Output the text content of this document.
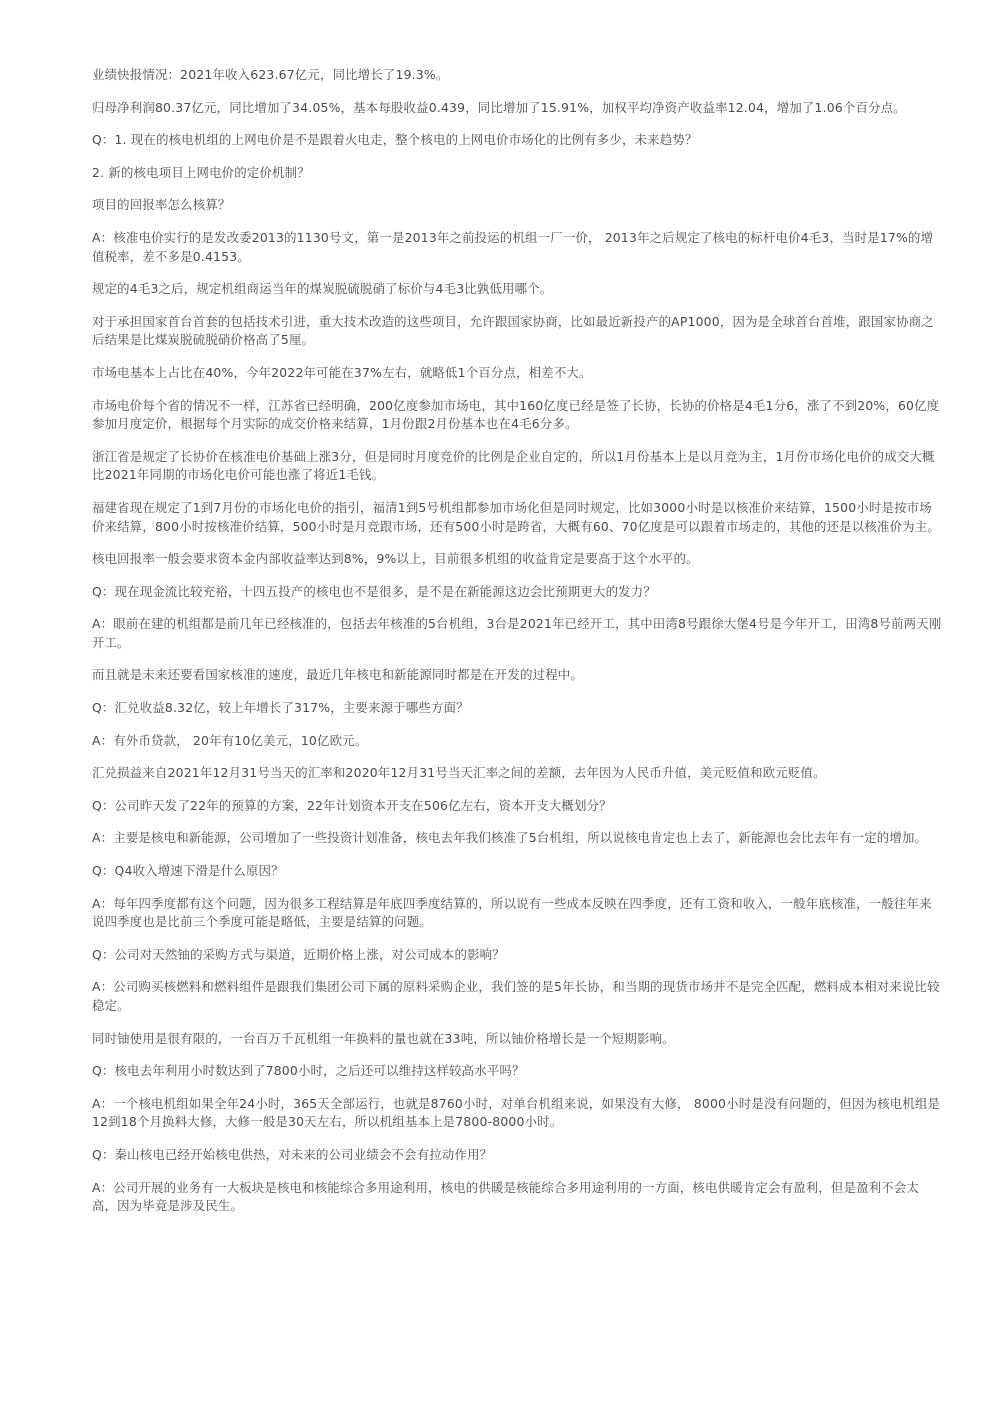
业绩快报情况：2021年收入623.67亿元，同比增长了19.3%。

归母净利润80.37亿元，同比增加了34.05%，基本每股收益0.439，同比增加了15.91%，加权平均净资产收益率12.04，增加了1.06个百分点。

Q：1. 现在的核电机组的上网电价是不是跟着火电走，整个核电的上网电价市场化的比例有多少，未来趋势？

2. 新的核电项目上网电价的定价机制？

项目的回报率怎么核算？

A：核准电价实行的是发改委2013的1130号文，第一是2013年之前投运的机组一厂一价， 2013年之后规定了核电的标杆电价4毛3，当时是17%的增值税率，差不多是0.4153。

规定的4毛3之后，规定机组商运当年的煤炭脱硫脱硝了标价与4毛3比孰低用哪个。

对于承担国家首台首套的包括技术引进，重大技术改造的这些项目，允许跟国家协商，比如最近新投产的AP1000，因为是全球首台首堆，跟国家协商之后结果是比煤炭脱硫脱硝价格高了5厘。

市场电基本上占比在40%，今年2022年可能在37%左右，就略低1个百分点，相差不大。

市场电价每个省的情况不一样，江苏省已经明确，200亿度参加市场电，其中160亿度已经是签了长协，长协的价格是4毛1分6，涨了不到20%，60亿度参加月度定价，根据每个月实际的成交价格来结算，1月份跟2月份基本也在4毛6分多。

浙江省是规定了长协价在核准电价基础上涨3分，但是同时月度竞价的比例是企业自定的，所以1月份基本上是以月竞为主，1月份市场化电价的成交大概比2021年同期的市场化电价可能也涨了将近1毛钱。

福建省现在规定了1到7月份的市场化电价的指引，福清1到5号机组都参加市场化但是同时规定，比如3000小时是以核准价来结算，1500小时是按市场价来结算，800小时按核准价结算，500小时是月竞跟市场，还有500小时是跨省，大概有60、70亿度是可以跟着市场走的，其他的还是以核准价为主。

核电回报率一般会要求资本金内部收益率达到8%，9%以上，目前很多机组的收益肯定是要高于这个水平的。

Q：现在现金流比较充裕，十四五投产的核电也不是很多，是不是在新能源这边会比预期更大的发力？

A：眼前在建的机组都是前几年已经核准的，包括去年核准的5台机组，3台是2021年已经开工，其中田湾8号跟徐大堡4号是今年开工，田湾8号前两天刚开工。

而且就是未来还要看国家核准的速度，最近几年核电和新能源同时都是在开发的过程中。

Q：汇兑收益8.32亿，较上年增长了317%，主要来源于哪些方面？

A：有外币贷款， 20年有10亿美元，10亿欧元。

汇兑损益来自2021年12月31号当天的汇率和2020年12月31号当天汇率之间的差额，去年因为人民币升值，美元贬值和欧元贬值。

Q：公司昨天发了22年的预算的方案，22年计划资本开支在506亿左右，资本开支大概划分？

A：主要是核电和新能源，公司增加了一些投资计划准备，核电去年我们核准了5台机组，所以说核电肯定也上去了，新能源也会比去年有一定的增加。

Q：Q4收入增速下滑是什么原因？

A：每年四季度都有这个问题，因为很多工程结算是年底四季度结算的，所以说有一些成本反映在四季度，还有工资和收入，一般年底核准，一般往年来说四季度也是比前三个季度可能是略低，主要是结算的问题。

Q：公司对天然铀的采购方式与渠道，近期价格上涨，对公司成本的影响？

A：公司购买核燃料和燃料组件是跟我们集团公司下属的原料采购企业，我们签的是5年长协，和当期的现货市场并不是完全匹配，燃料成本相对来说比较稳定。

同时铀使用是很有限的，一台百万千瓦机组一年换料的量也就在33吨，所以铀价格增长是一个短期影响。

Q：核电去年利用小时数达到了7800小时，之后还可以维持这样较高水平吗？

A：一个核电机组如果全年24小时，365天全部运行，也就是8760小时，对单台机组来说，如果没有大修， 8000小时是没有问题的，但因为核电机组是12到18个月换料大修，大修一般是30天左右，所以机组基本上是7800-8000小时。

Q：秦山核电已经开始核电供热，对未来的公司业绩会不会有拉动作用？

A：公司开展的业务有一大板块是核电和核能综合多用途利用，核电的供暖是核能综合多用途利用的一方面，核电供暖肯定会有盈利，但是盈利不会太高，因为毕竟是涉及民生。
